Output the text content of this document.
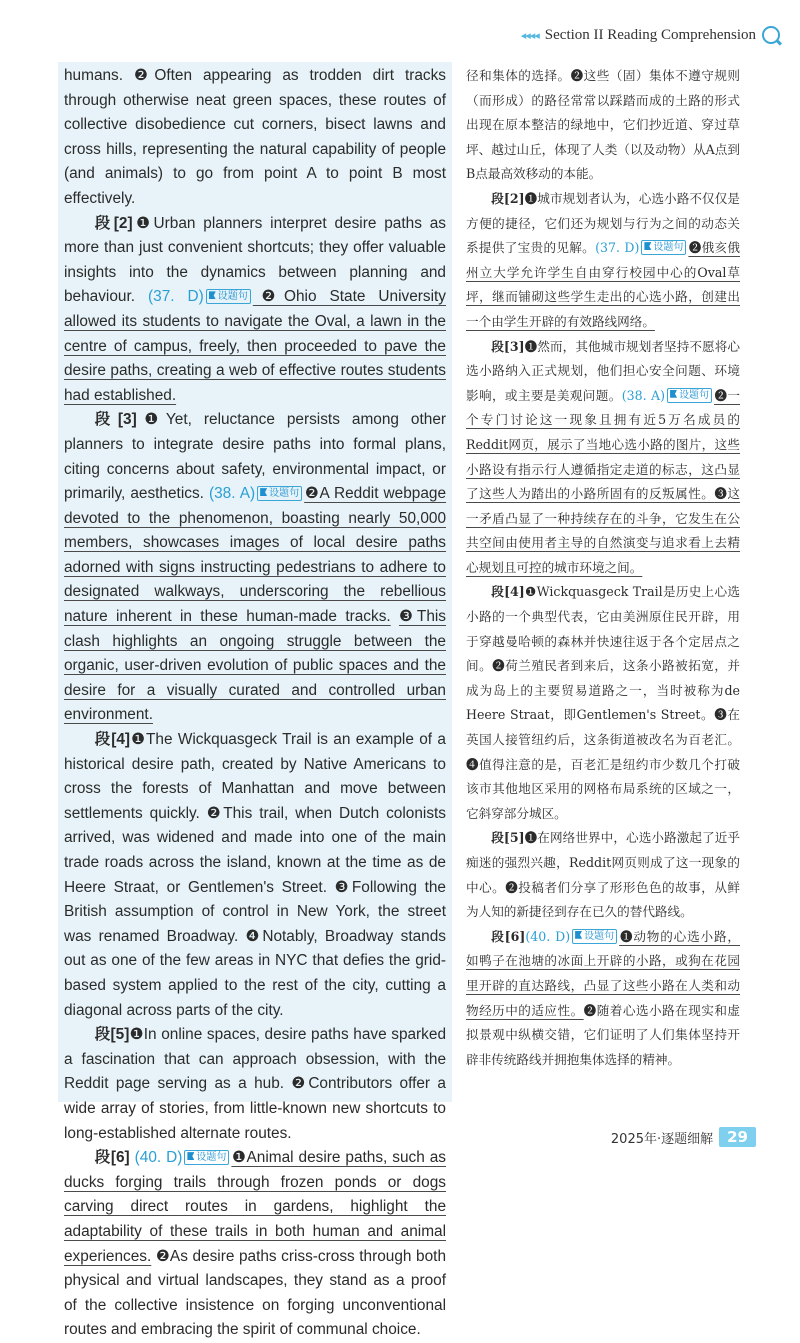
◂◂◂◂ Section II Reading Comprehension

humans. ❷Often appearing as trodden dirt tracks through otherwise neat green spaces, these routes of collective disobedience cut corners, bisect lawns and cross hills, representing the natural capability of people (and animals) to go from point A to point B most effectively.

段[2]❶Urban planners interpret desire paths as more than just convenient shortcuts; they offer valuable insights into the dynamics between planning and behaviour. (37. D) 设题句 ❷Ohio State University allowed its students to navigate the Oval, a lawn in the centre of campus, freely, then proceeded to pave the desire paths, creating a web of effective routes students had established.

段[3]❶Yet, reluctance persists among other planners to integrate desire paths into formal plans, citing concerns about safety, environmental impact, or primarily, aesthetics. (38. A) 设题句 ❷A Reddit webpage devoted to the phenomenon, boasting nearly 50,000 members, showcases images of local desire paths adorned with signs instructing pedestrians to adhere to designated walkways, underscoring the rebellious nature inherent in these human-made tracks. ❸This clash highlights an ongoing struggle between the organic, user-driven evolution of public spaces and the desire for a visually curated and controlled urban environment.

段[4]❶The Wickquasgeck Trail is an example of a historical desire path, created by Native Americans to cross the forests of Manhattan and move between settlements quickly. ❷This trail, when Dutch colonists arrived, was widened and made into one of the main trade roads across the island, known at the time as de Heere Straat, or Gentlemen's Street. ❸Following the British assumption of control in New York, the street was renamed Broadway. ❹Notably, Broadway stands out as one of the few areas in NYC that defies the grid-based system applied to the rest of the city, cutting a diagonal across parts of the city.

段[5]❶In online spaces, desire paths have sparked a fascination that can approach obsession, with the Reddit page serving as a hub. ❷Contributors offer a wide array of stories, from little-known new shortcuts to long-established alternate routes.

段[6] (40. D) 设题句 ❶Animal desire paths, such as ducks forging trails through frozen ponds or dogs carving direct routes in gardens, highlight the adaptability of these trails in both human and animal experiences. ❷As desire paths criss-cross through both physical and virtual landscapes, they stand as a proof of the collective insistence on forging unconventional routes and embracing the spirit of communal choice.

径和集体的选择。❷这些（固）集体不遵守规则（而形成）的路径常常以踩踏而成的土路的形式出现在原本整洁的绿地中，它们抄近道、穿过草坪、越过山丘，体现了人类（以及动物）从A点到B点最高效移动的本能。

段[2]❶城市规划者认为，心选小路不仅仅是方便的捷径，它们还为规划与行为之间的动态关系提供了宝贵的见解。(37. D) 设题句 ❷俄亥俄州立大学允许学生自由穿行校园中心的Oval草坪，继而铺砌这些学生走出的心选小路，创建出一个由学生开辟的有效路线网络。

段[3]❶然而，其他城市规划者坚持不愿将心选小路纳入正式规划，他们担心安全问题、环境影响，或主要是美观问题。(38. A) 设题句 ❷一个专门讨论这一现象且拥有近5万名成员的Reddit网页，展示了当地心选小路的图片，这些小路设有指示行人遵循指定走道的标志，这凸显了这些人为踏出的小路所固有的反叛属性。❸这一矛盾凸显了一种持续存在的斗争，它发生在公共空间由使用者主导的自然演变与追求看上去精心规划且可控的城市环境之间。

段[4]❶Wickquasgeck Trail是历史上心选小路的一个典型代表，它由美洲原住民开辟，用于穿越曼哈顿的森林并快速往返于各个定居点之间。❷荷兰殖民者到来后，这条小路被拓宽，并成为岛上的主要贸易道路之一，当时被称为de Heere Straat，即Gentlemen's Street。❸在英国人接管纽约后，这条街道被改名为百老汇。❹值得注意的是，百老汇是纽约市少数几个打破该市其他地区采用的网格布局系统的区域之一，它斜穿部分城区。

段[5]❶在网络世界中，心选小路激起了近乎痴迷的强烈兴趣，Reddit网页则成了这一现象的中心。❷投稿者们分享了形形色色的故事，从鲜为人知的新捷径到存在已久的替代路线。

段[6](40. D) 设题句 ❶动物的心选小路，如鸭子在池塘的冰面上开辟的小路，或狗在花园里开辟的直达路线，凸显了这些小路在人类和动物经历中的适应性。❷随着心选小路在现实和虚拟景观中纵横交错，它们证明了人们集体坚持开辟非传统路线并拥抱集体选择的精神。

2025年·逐题细解 29
